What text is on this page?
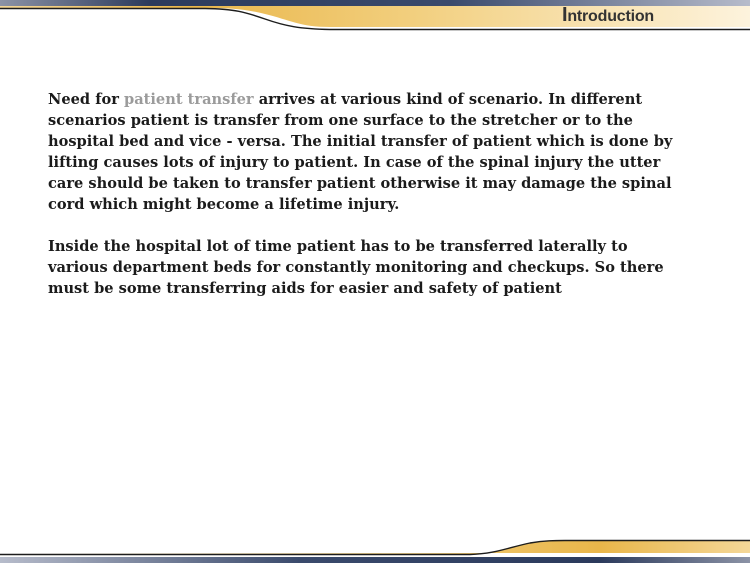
Introduction

Need for patient transfer arrives at various kind of scenario. In different scenarios patient is transfer from one surface to the stretcher or to the hospital bed and vice - versa. The initial transfer of patient which is done by lifting causes lots of injury to patient. In case of the spinal injury the utter care should be taken to transfer patient otherwise it may damage the spinal cord which might become a lifetime injury.

Inside the hospital lot of time patient has to be transferred laterally to various department beds for constantly monitoring and checkups. So there must be some transferring aids for easier and safety of patient
